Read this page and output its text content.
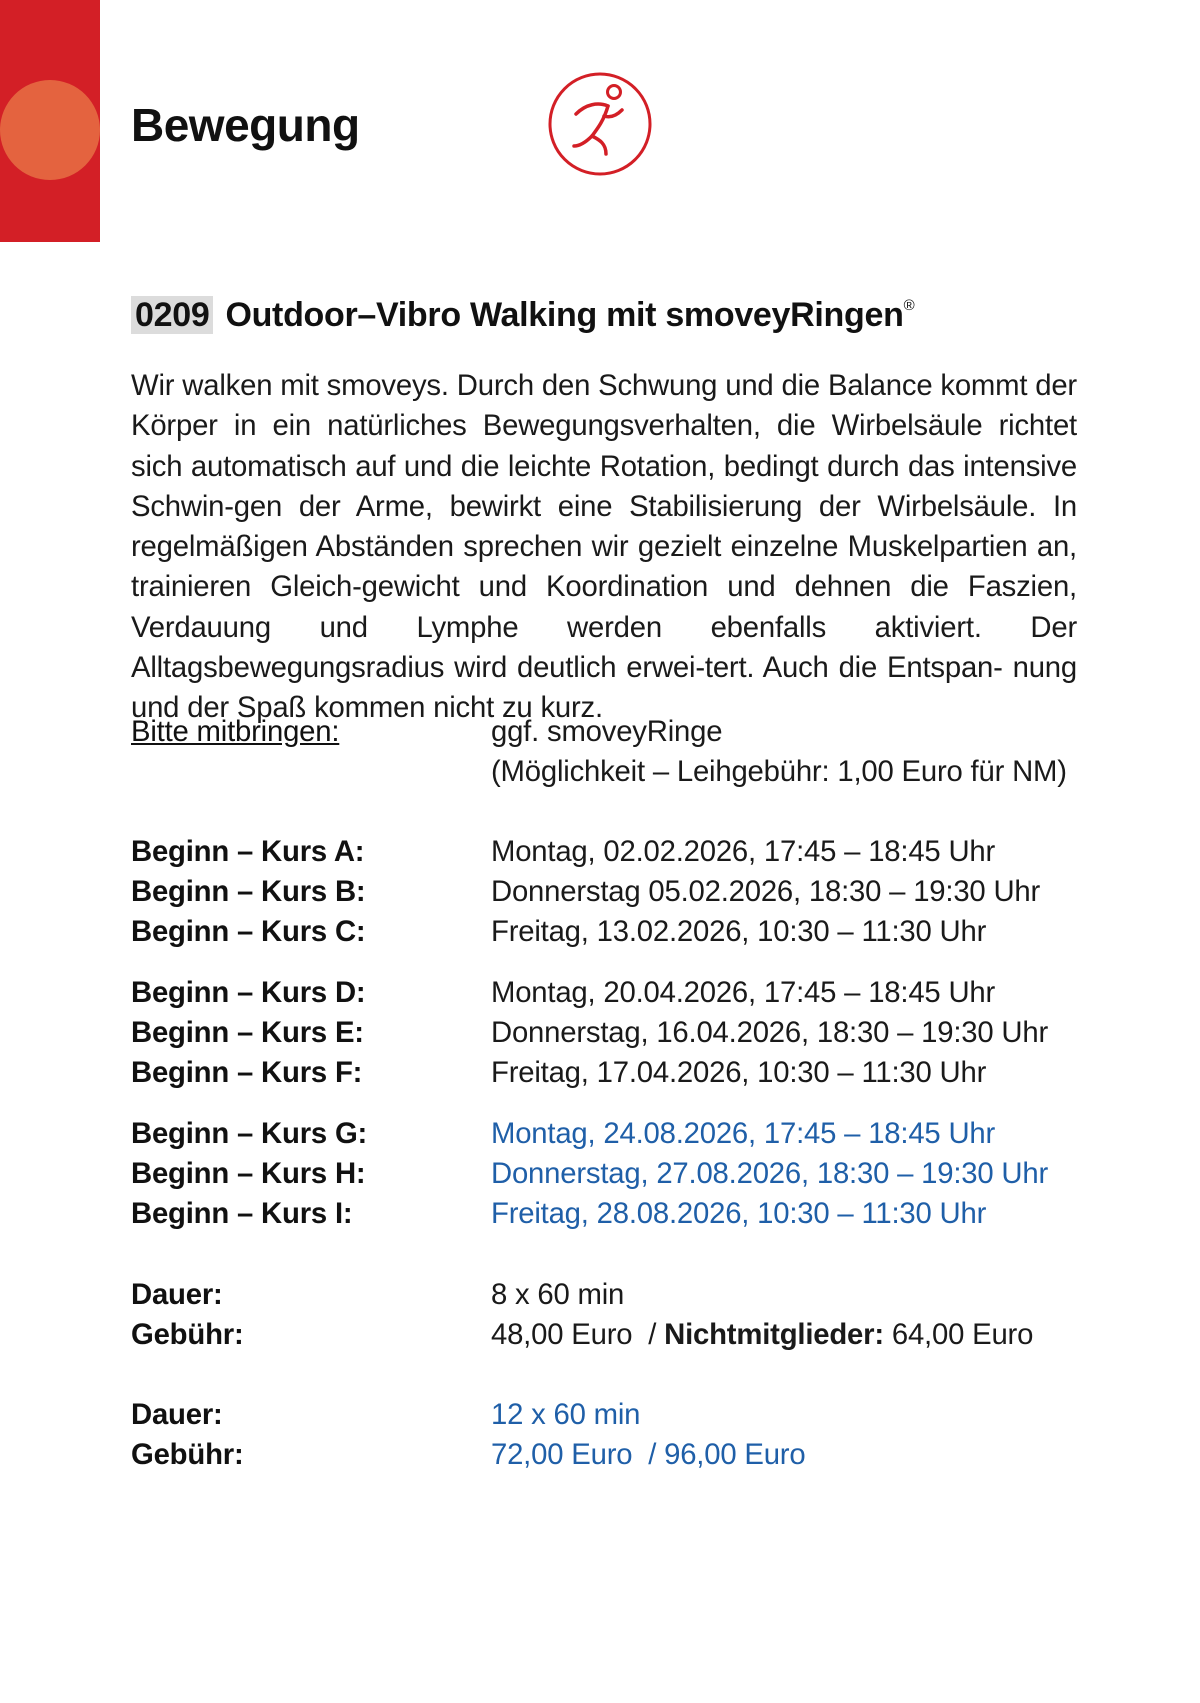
Bewegung
0209 Outdoor–Vibro Walking mit smoveyRingen®
Wir walken mit smoveys. Durch den Schwung und die Balance kommt der Körper in ein natürliches Bewegungsverhalten, die Wirbelsäule richtet sich automatisch auf und die leichte Rotation, bedingt durch das intensive Schwin-gen der Arme, bewirkt eine Stabilisierung der Wirbelsäule. In regelmäßigen Abständen sprechen wir gezielt einzelne Muskelpartien an, trainieren Gleich-gewicht und Koordination und dehnen die Faszien, Verdauung und Lymphe werden ebenfalls aktiviert. Der Alltagsbewegungsradius wird deutlich erwei-tert. Auch die Entspan- nung und der Spaß kommen nicht zu kurz.
Bitte mitbringen:	ggf. smoveyRinge
(Möglichkeit – Leihgebühr: 1,00 Euro für NM)
Beginn – Kurs A:	Montag, 02.02.2026, 17:45 – 18:45 Uhr
Beginn – Kurs B:	Donnerstag 05.02.2026, 18:30 – 19:30 Uhr
Beginn – Kurs C:	Freitag, 13.02.2026, 10:30 – 11:30 Uhr
Beginn – Kurs D:	Montag, 20.04.2026, 17:45 – 18:45 Uhr
Beginn – Kurs E:	Donnerstag, 16.04.2026, 18:30 – 19:30 Uhr
Beginn – Kurs F:	Freitag, 17.04.2026, 10:30 – 11:30 Uhr
Beginn – Kurs G:	Montag, 24.08.2026, 17:45 – 18:45 Uhr
Beginn – Kurs H:	Donnerstag, 27.08.2026, 18:30 – 19:30 Uhr
Beginn – Kurs I:	Freitag, 28.08.2026, 10:30 – 11:30 Uhr
Dauer:	8 x 60 min
Gebühr:	48,00 Euro  / Nichtmitglieder: 64,00 Euro
Dauer:	12 x 60 min
Gebühr:	72,00 Euro  / 96,00 Euro
